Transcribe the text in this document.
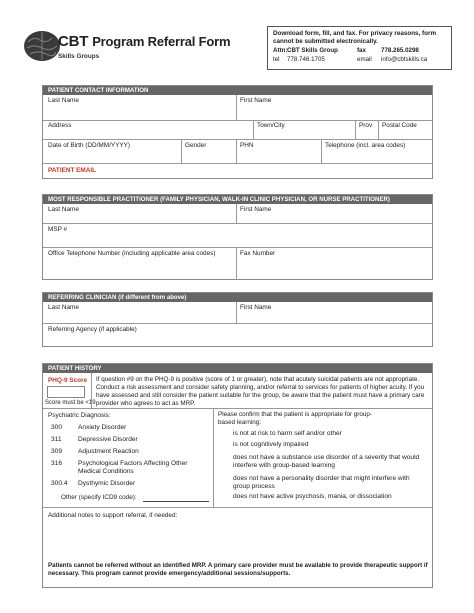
CBT Program Referral Form
Skills Groups
Download form, fill, and fax. For privacy reasons, form cannot be submitted electronically.
Attn: CBT Skills Group	fax	778.265.0298
tel	778.746.1705	email	info@cbtskills.ca
PATIENT CONTACT INFORMATION
Last Name	First Name
Address	Town/City	Prov Postal Code
Date of Birth (DD/MM/YYYY)	Gender	PHN	Telephone (incl. area codes)
PATIENT EMAIL
MOST RESPONSIBLE PRACTITIONER (FAMILY PHYSICIAN, WALK-IN CLINIC PHYSICIAN, OR NURSE PRACTITIONER)
Last Name	First Name
MSP #
Office Telephone Number (including applicable area codes)	Fax Number
REFERRING CLINICIAN (if different from above)
Last Name	First Name
Referring Agency (if applicable)
PATIENT HISTORY
PHQ-9 Score
Score must be <19
If question #9 on the PHQ-9 is positive (score of 1 or greater), note that acutely suicidal patients are not appropriate. Conduct a risk assessment and consider safety planning, and/or referral to services for patients of higher acuity. If you have assessed and still consider the patient suitable for the group, be aware that the patient must have a primary care provider who agrees to act as MRP.
Psychiatric Diagnosis:
300	Anxiety Disorder
311	Depressive Disorder
309	Adjustment Reaction
316	Psychological Factors Affecting Other Medical Conditions
300.4	Dysthymic Disorder
Other (specify ICD9 code):
Please confirm that the patient is appropriate for group-based learning:
is not at risk to harm self and/or other
is not cognitively impaired
does not have a substance use disorder of a severity that would interfere with group-based learning
does not have a personality disorder that might interfere with group process
does not have active psychosis, mania, or dissociation
Additional notes to support referral, if needed:
Patients cannot be referred without an identified MRP. A primary care provider must be available to provide therapeutic support if necessary. This program cannot provide emergency/additional sessions/supports.
